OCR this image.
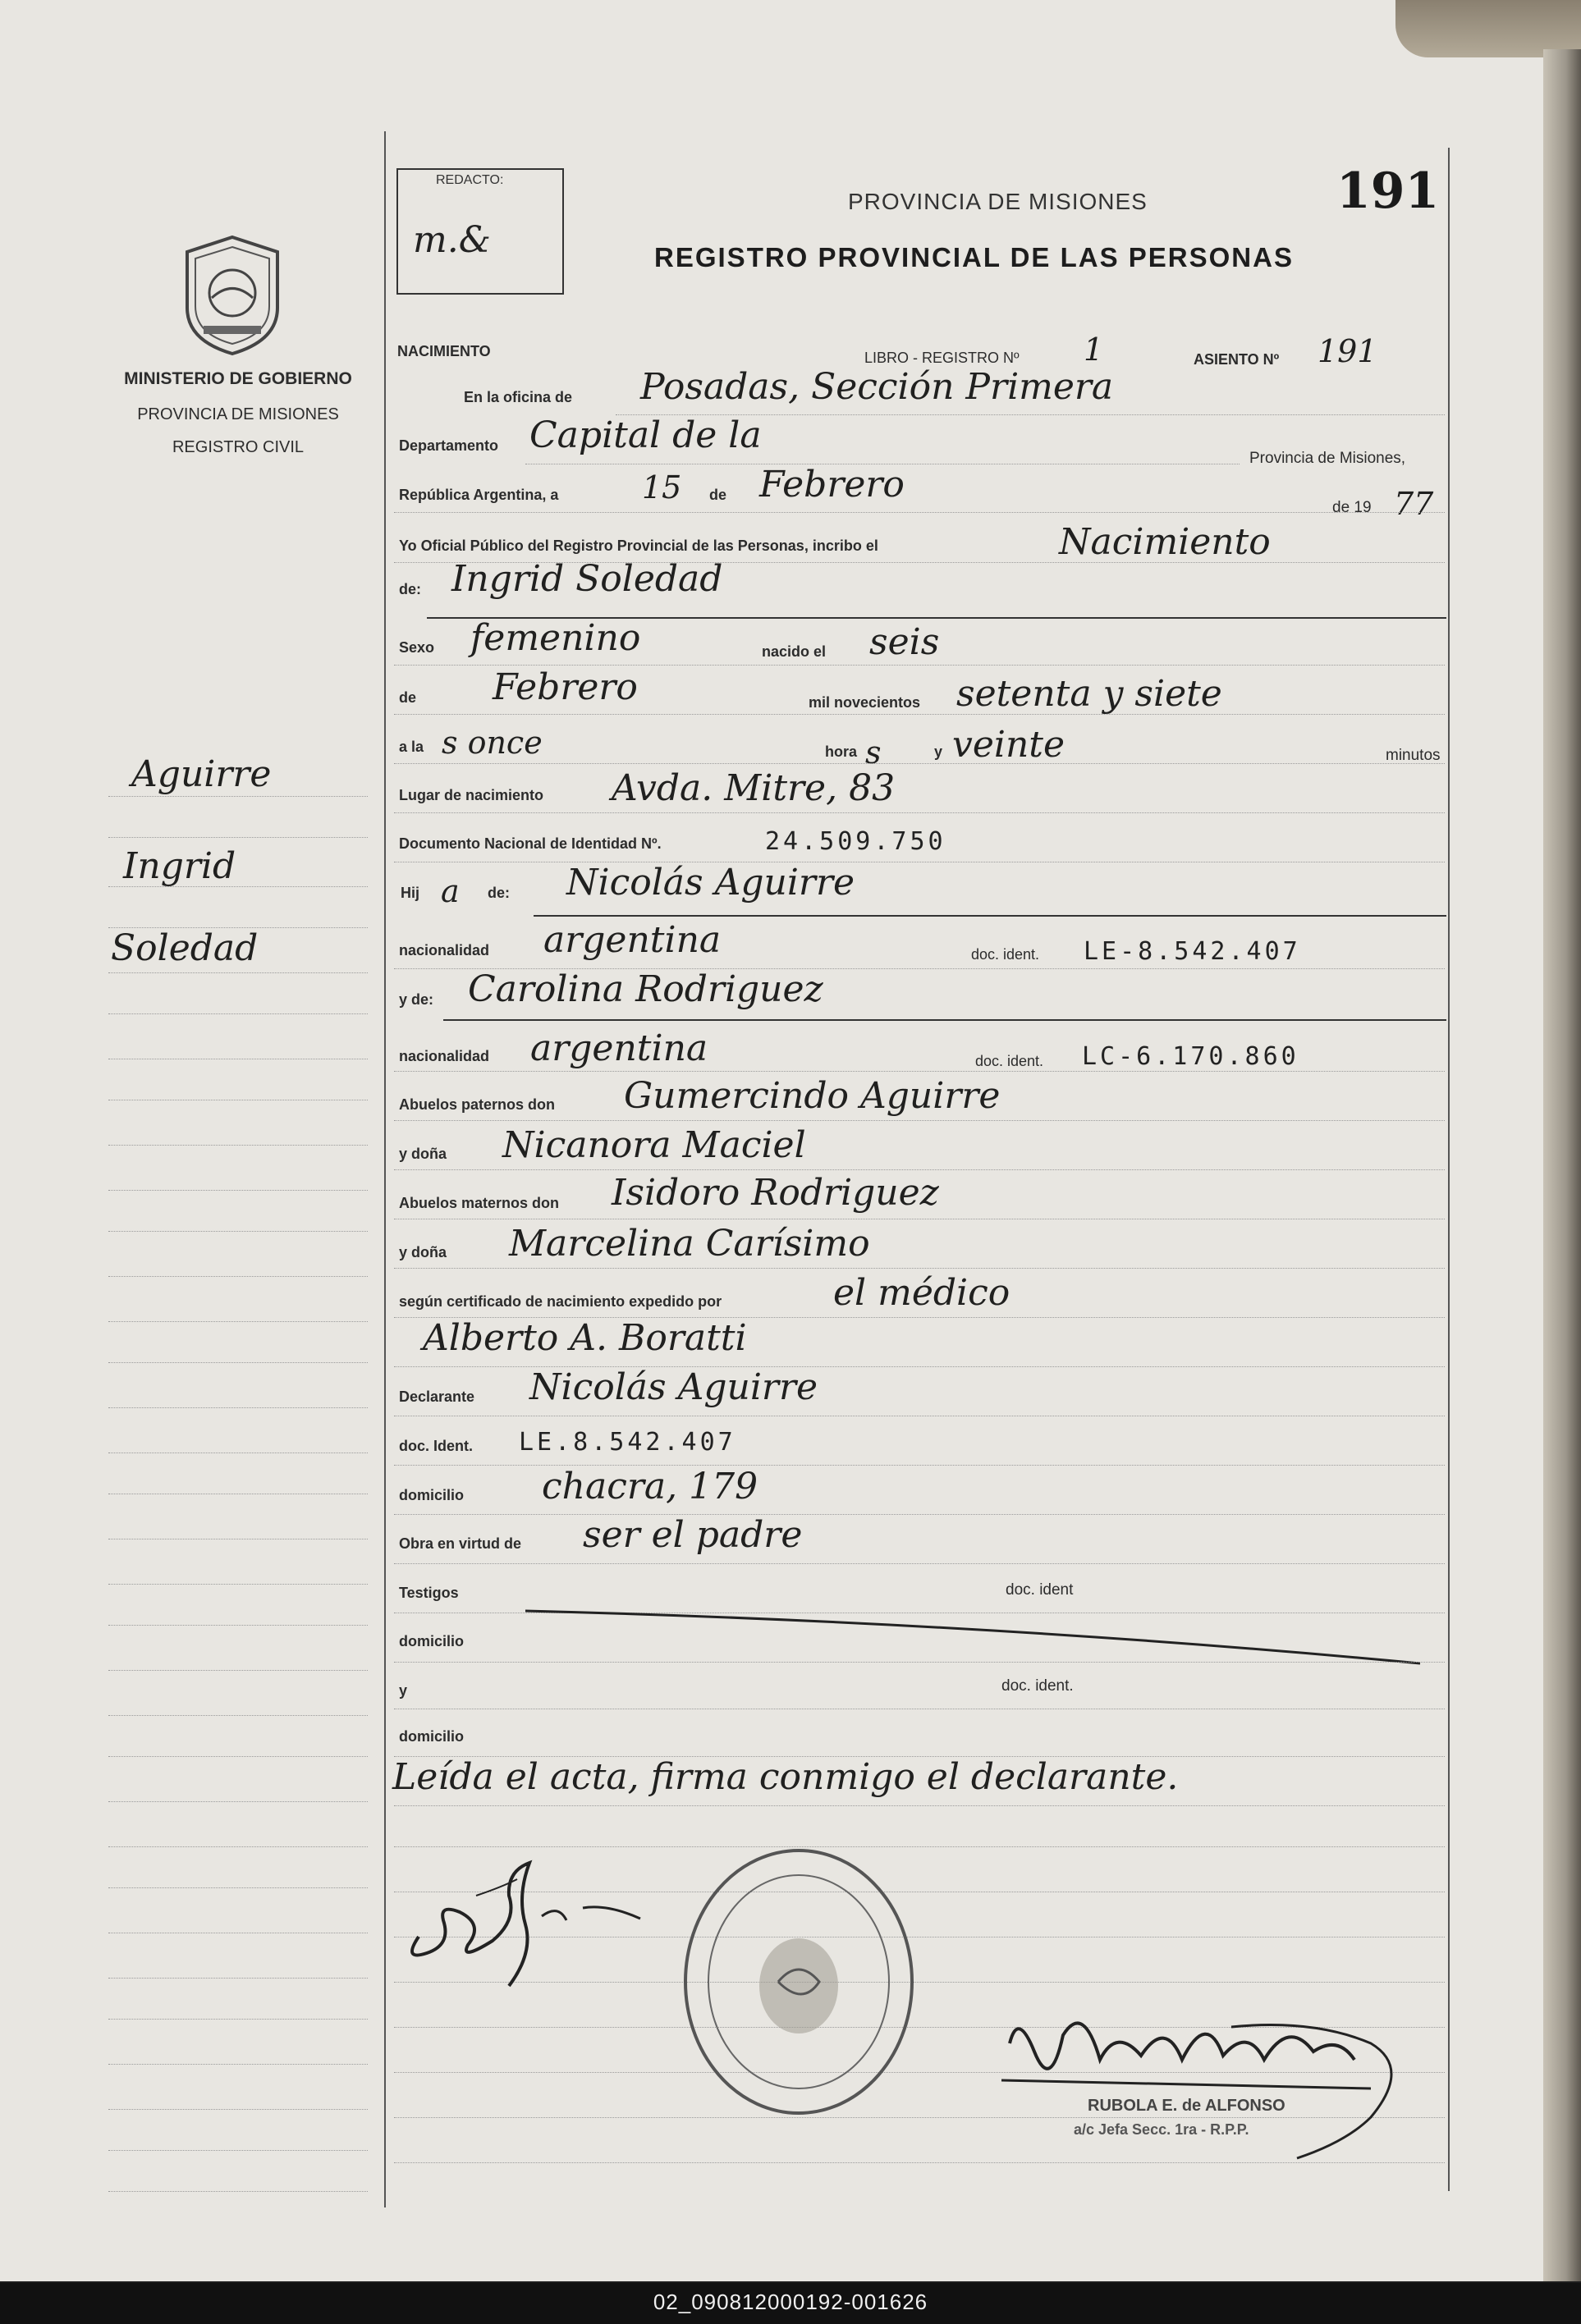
MINISTERIO DE GOBIERNO
PROVINCIA DE MISIONES
REGISTRO CIVIL
Aguirre
Ingrid
Soledad
REDACTO:
m.&
PROVINCIA DE MISIONES	191
REGISTRO PROVINCIAL DE LAS PERSONAS
NACIMIENTO	LIBRO - REGISTRO Nº 1	ASIENTO Nº 191
En la oficina de Posadas, Sección Primera
Departamento Capital de la
Provincia de Misiones,
República Argentina, a	15 de Febrero
de 19 77
Yo Oficial Público del Registro Provincial de las Personas, incribo el	Nacimiento
de: Ingrid Soledad
Sexo femenino	nacido el seis
de Febrero	mil novecientos setenta y siete
a la s once	hora s	y veinte	minutos
Lugar de nacimiento Avda. Mitre, 83
Documento Nacional de Identidad Nº.	24.509.750
Hij a de: Nicolás Aguirre
nacionalidad argentina	doc. ident. LE-8.542.407
y de: Carolina Rodriguez
nacionalidad argentina	doc. ident. LC-6.170.860
Abuelos paternos don Gumercindo Aguirre
y doña Nicanora Maciel
Abuelos maternos don Isidoro Rodriguez
y doña Marcelina Carísimo
según certificado de nacimiento expedido por	el médico
Alberto A. Boratti
Declarante Nicolás Aguirre
doc. Ident. LE.8.542.407
domicilio chacra, 179
Obra en virtud de ser el padre
Testigos	doc. ident
domicilio
y	doc. ident.
domicilio
Leída el acta, firma conmigo el declarante.
RUBOLA E. de ALFONSO
a/c Jefa Secc. 1ra - R.P.P.
02_090812000192-001626
